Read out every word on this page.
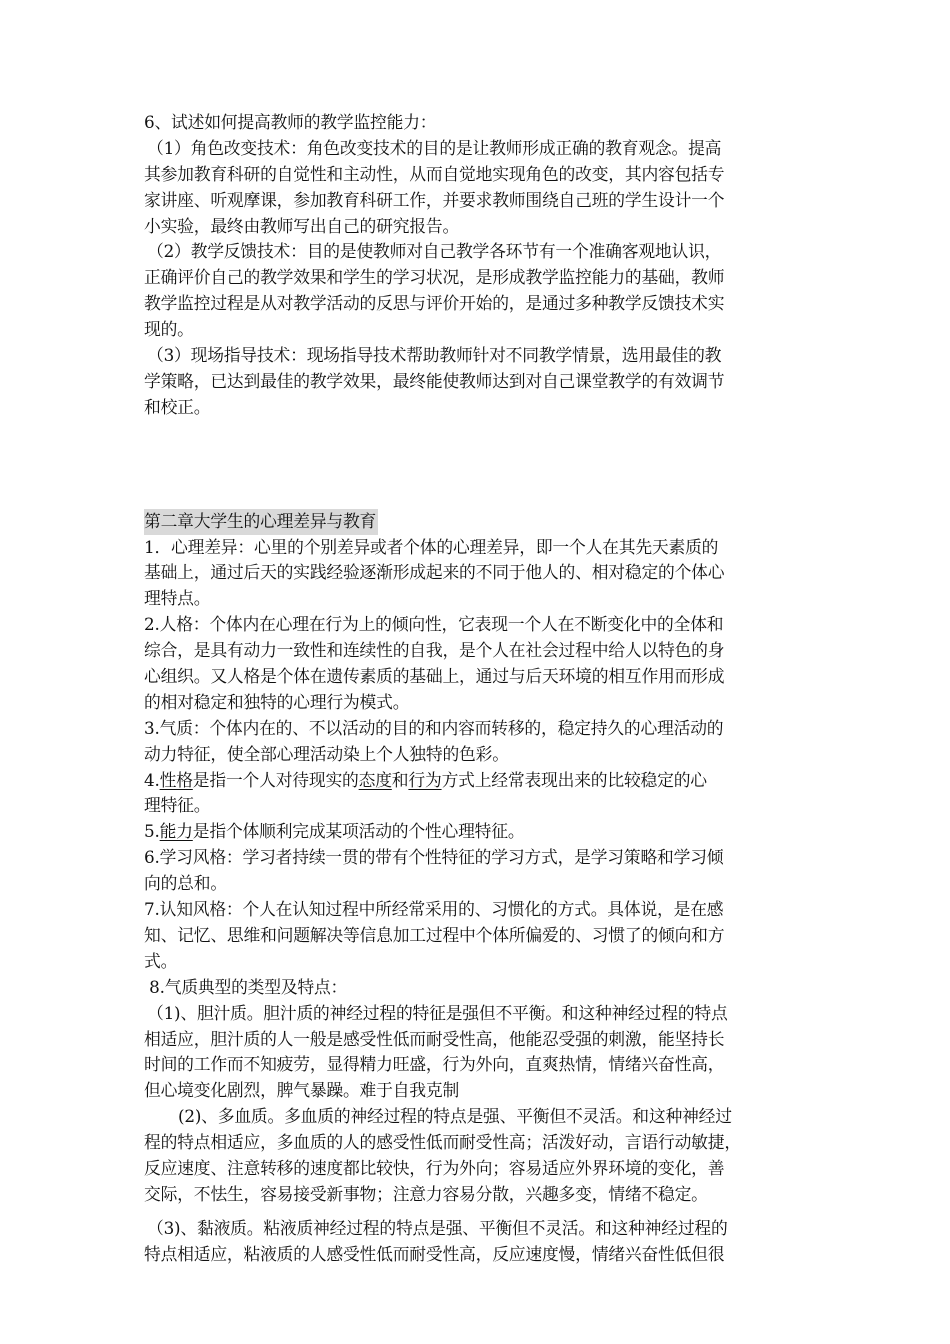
6、试述如何提高教师的教学监控能力：
（1）角色改变技术：角色改变技术的目的是让教师形成正确的教育观念。提高
其参加教育科研的自觉性和主动性，从而自觉地实现角色的改变，其内容包括专
家讲座、听观摩课，参加教育科研工作，并要求教师围绕自己班的学生设计一个
小实验，最终由教师写出自己的研究报告。
（2）教学反馈技术：目的是使教师对自己教学各环节有一个准确客观地认识，
正确评价自己的教学效果和学生的学习状况，是形成教学监控能力的基础，教师
教学监控过程是从对教学活动的反思与评价开始的，是通过多种教学反馈技术实
现的。
（3）现场指导技术：现场指导技术帮助教师针对不同教学情景，选用最佳的教
学策略，已达到最佳的教学效果，最终能使教师达到对自己课堂教学的有效调节
和校正。
第二章大学生的心理差异与教育
1．心理差异：心里的个别差异或者个体的心理差异，即一个人在其先天素质的
基础上，通过后天的实践经验逐渐形成起来的不同于他人的、相对稳定的个体心
理特点。
2.人格：个体内在心理在行为上的倾向性，它表现一个人在不断变化中的全体和
综合，是具有动力一致性和连续性的自我，是个人在社会过程中给人以特色的身
心组织。又人格是个体在遗传素质的基础上，通过与后天环境的相互作用而形成
的相对稳定和独特的心理行为模式。
3.气质：个体内在的、不以活动的目的和内容而转移的，稳定持久的心理活动的
动力特征，使全部心理活动染上个人独特的色彩。
4.性格是指一个人对待现实的态度和行为方式上经常表现出来的比较稳定的心
理特征。
5.能力是指个体顺利完成某项活动的个性心理特征。
6.学习风格：学习者持续一贯的带有个性特征的学习方式，是学习策略和学习倾
向的总和。
7.认知风格：个人在认知过程中所经常采用的、习惯化的方式。具体说，是在感
知、记忆、思维和问题解决等信息加工过程中个体所偏爱的、习惯了的倾向和方
式。
8.气质典型的类型及特点：
（1)、胆汁质。胆汁质的神经过程的特征是强但不平衡。和这种神经过程的特点
相适应，胆汁质的人一般是感受性低而耐受性高，他能忍受强的刺激，能坚持长
时间的工作而不知疲劳，显得精力旺盛，行为外向，直爽热情，情绪兴奋性高，
但心境变化剧烈，脾气暴躁。难于自我克制
(2)、多血质。多血质的神经过程的特点是强、平衡但不灵活。和这种神经过
程的特点相适应，多血质的人的感受性低而耐受性高；活泼好动，言语行动敏捷，
反应速度、注意转移的速度都比较快，行为外向；容易适应外界环境的变化，善
交际，不怯生，容易接受新事物；注意力容易分散，兴趣多变，情绪不稳定。
（3)、黏液质。粘液质神经过程的特点是强、平衡但不灵活。和这种神经过程的
特点相适应，粘液质的人感受性低而耐受性高，反应速度慢，情绪兴奋性低但很
